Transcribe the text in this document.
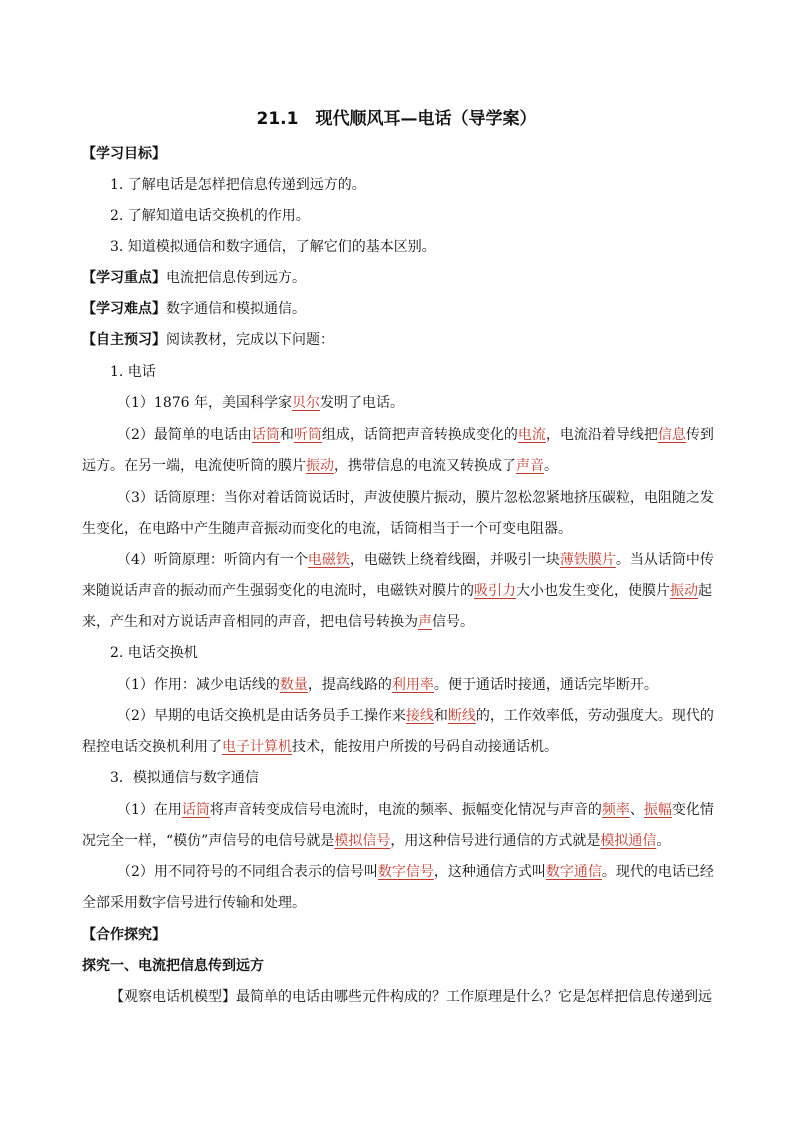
21.1　现代顺风耳—电话（导学案）
【学习目标】
1. 了解电话是怎样把信息传递到远方的。
2. 了解知道电话交换机的作用。
3. 知道模拟通信和数字通信，了解它们的基本区别。
【学习重点】电流把信息传到远方。
【学习难点】数字通信和模拟通信。
【自主预习】阅读教材，完成以下问题：
1. 电话
（1）1876 年，美国科学家贝尔发明了电话。
（2）最简单的电话由话筒和听筒组成，话筒把声音转换成变化的电流，电流沿着导线把信息传到
远方。在另一端，电流使听筒的膜片振动，携带信息的电流又转换成了声音。
（3）话筒原理：当你对着话筒说话时，声波使膜片振动，膜片忽松忽紧地挤压碳粒，电阻随之发
生变化，在电路中产生随声音振动而变化的电流，话筒相当于一个可变电阻器。
（4）听筒原理：听筒内有一个电磁铁，电磁铁上绕着线圈，并吸引一块薄铁膜片。当从话筒中传
来随说话声音的振动而产生强弱变化的电流时，电磁铁对膜片的吸引力大小也发生变化，使膜片振动起
来，产生和对方说话声音相同的声音，把电信号转换为声信号。
2. 电话交换机
（1）作用：减少电话线的数量，提高线路的利用率。便于通话时接通，通话完毕断开。
（2）早期的电话交换机是由话务员手工操作来接线和断线的，工作效率低，劳动强度大。现代的
程控电话交换机利用了电子计算机技术，能按用户所拨的号码自动接通话机。
3．模拟通信与数字通信
（1）在用话筒将声音转变成信号电流时，电流的频率、振幅变化情况与声音的频率、振幅变化情
况完全一样，“模仿”声信号的电信号就是模拟信号，用这种信号进行通信的方式就是模拟通信。
（2）用不同符号的不同组合表示的信号叫数字信号，这种通信方式叫数字通信。现代的电话已经
全部采用数字信号进行传输和处理。
【合作探究】
探究一、电流把信息传到远方
【观察电话机模型】最简单的电话由哪些元件构成的？工作原理是什么？它是怎样把信息传递到远
